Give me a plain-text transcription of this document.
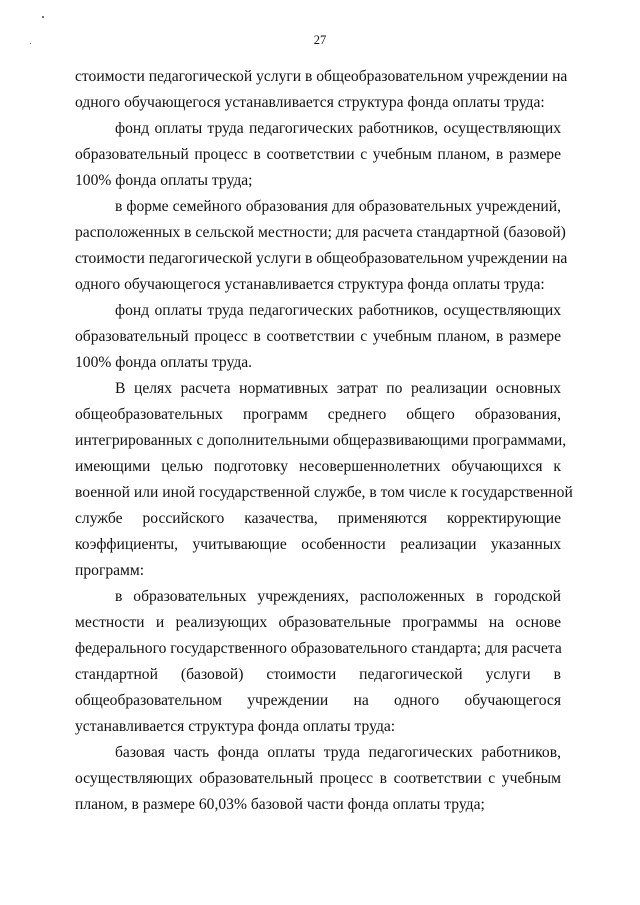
27
стоимости педагогической услуги в общеобразовательном учреждении на
одного обучающегося устанавливается структура фонда оплаты труда:
фонд оплаты труда педагогических работников, осуществляющих
образовательный процесс в соответствии с учебным планом, в размере
100% фонда оплаты труда;
в форме семейного образования для образовательных учреждений,
расположенных в сельской местности; для расчета стандартной (базовой)
стоимости педагогической услуги в общеобразовательном учреждении на
одного обучающегося устанавливается структура фонда оплаты труда:
фонд оплаты труда педагогических работников, осуществляющих
образовательный процесс в соответствии с учебным планом, в размере
100% фонда оплаты труда.
В целях расчета нормативных затрат по реализации основных
общеобразовательных программ среднего общего образования,
интегрированных с дополнительными общеразвивающими программами,
имеющими целью подготовку несовершеннолетних обучающихся к
военной или иной государственной службе, в том числе к государственной
службе российского казачества, применяются корректирующие
коэффициенты, учитывающие особенности реализации указанных
программ:
в образовательных учреждениях, расположенных в городской
местности и реализующих образовательные программы на основе
федерального государственного образовательного стандарта; для расчета
стандартной (базовой) стоимости педагогической услуги в
общеобразовательном учреждении на одного обучающегося
устанавливается структура фонда оплаты труда:
базовая часть фонда оплаты труда педагогических работников,
осуществляющих образовательный процесс в соответствии с учебным
планом, в размере 60,03% базовой части фонда оплаты труда;
